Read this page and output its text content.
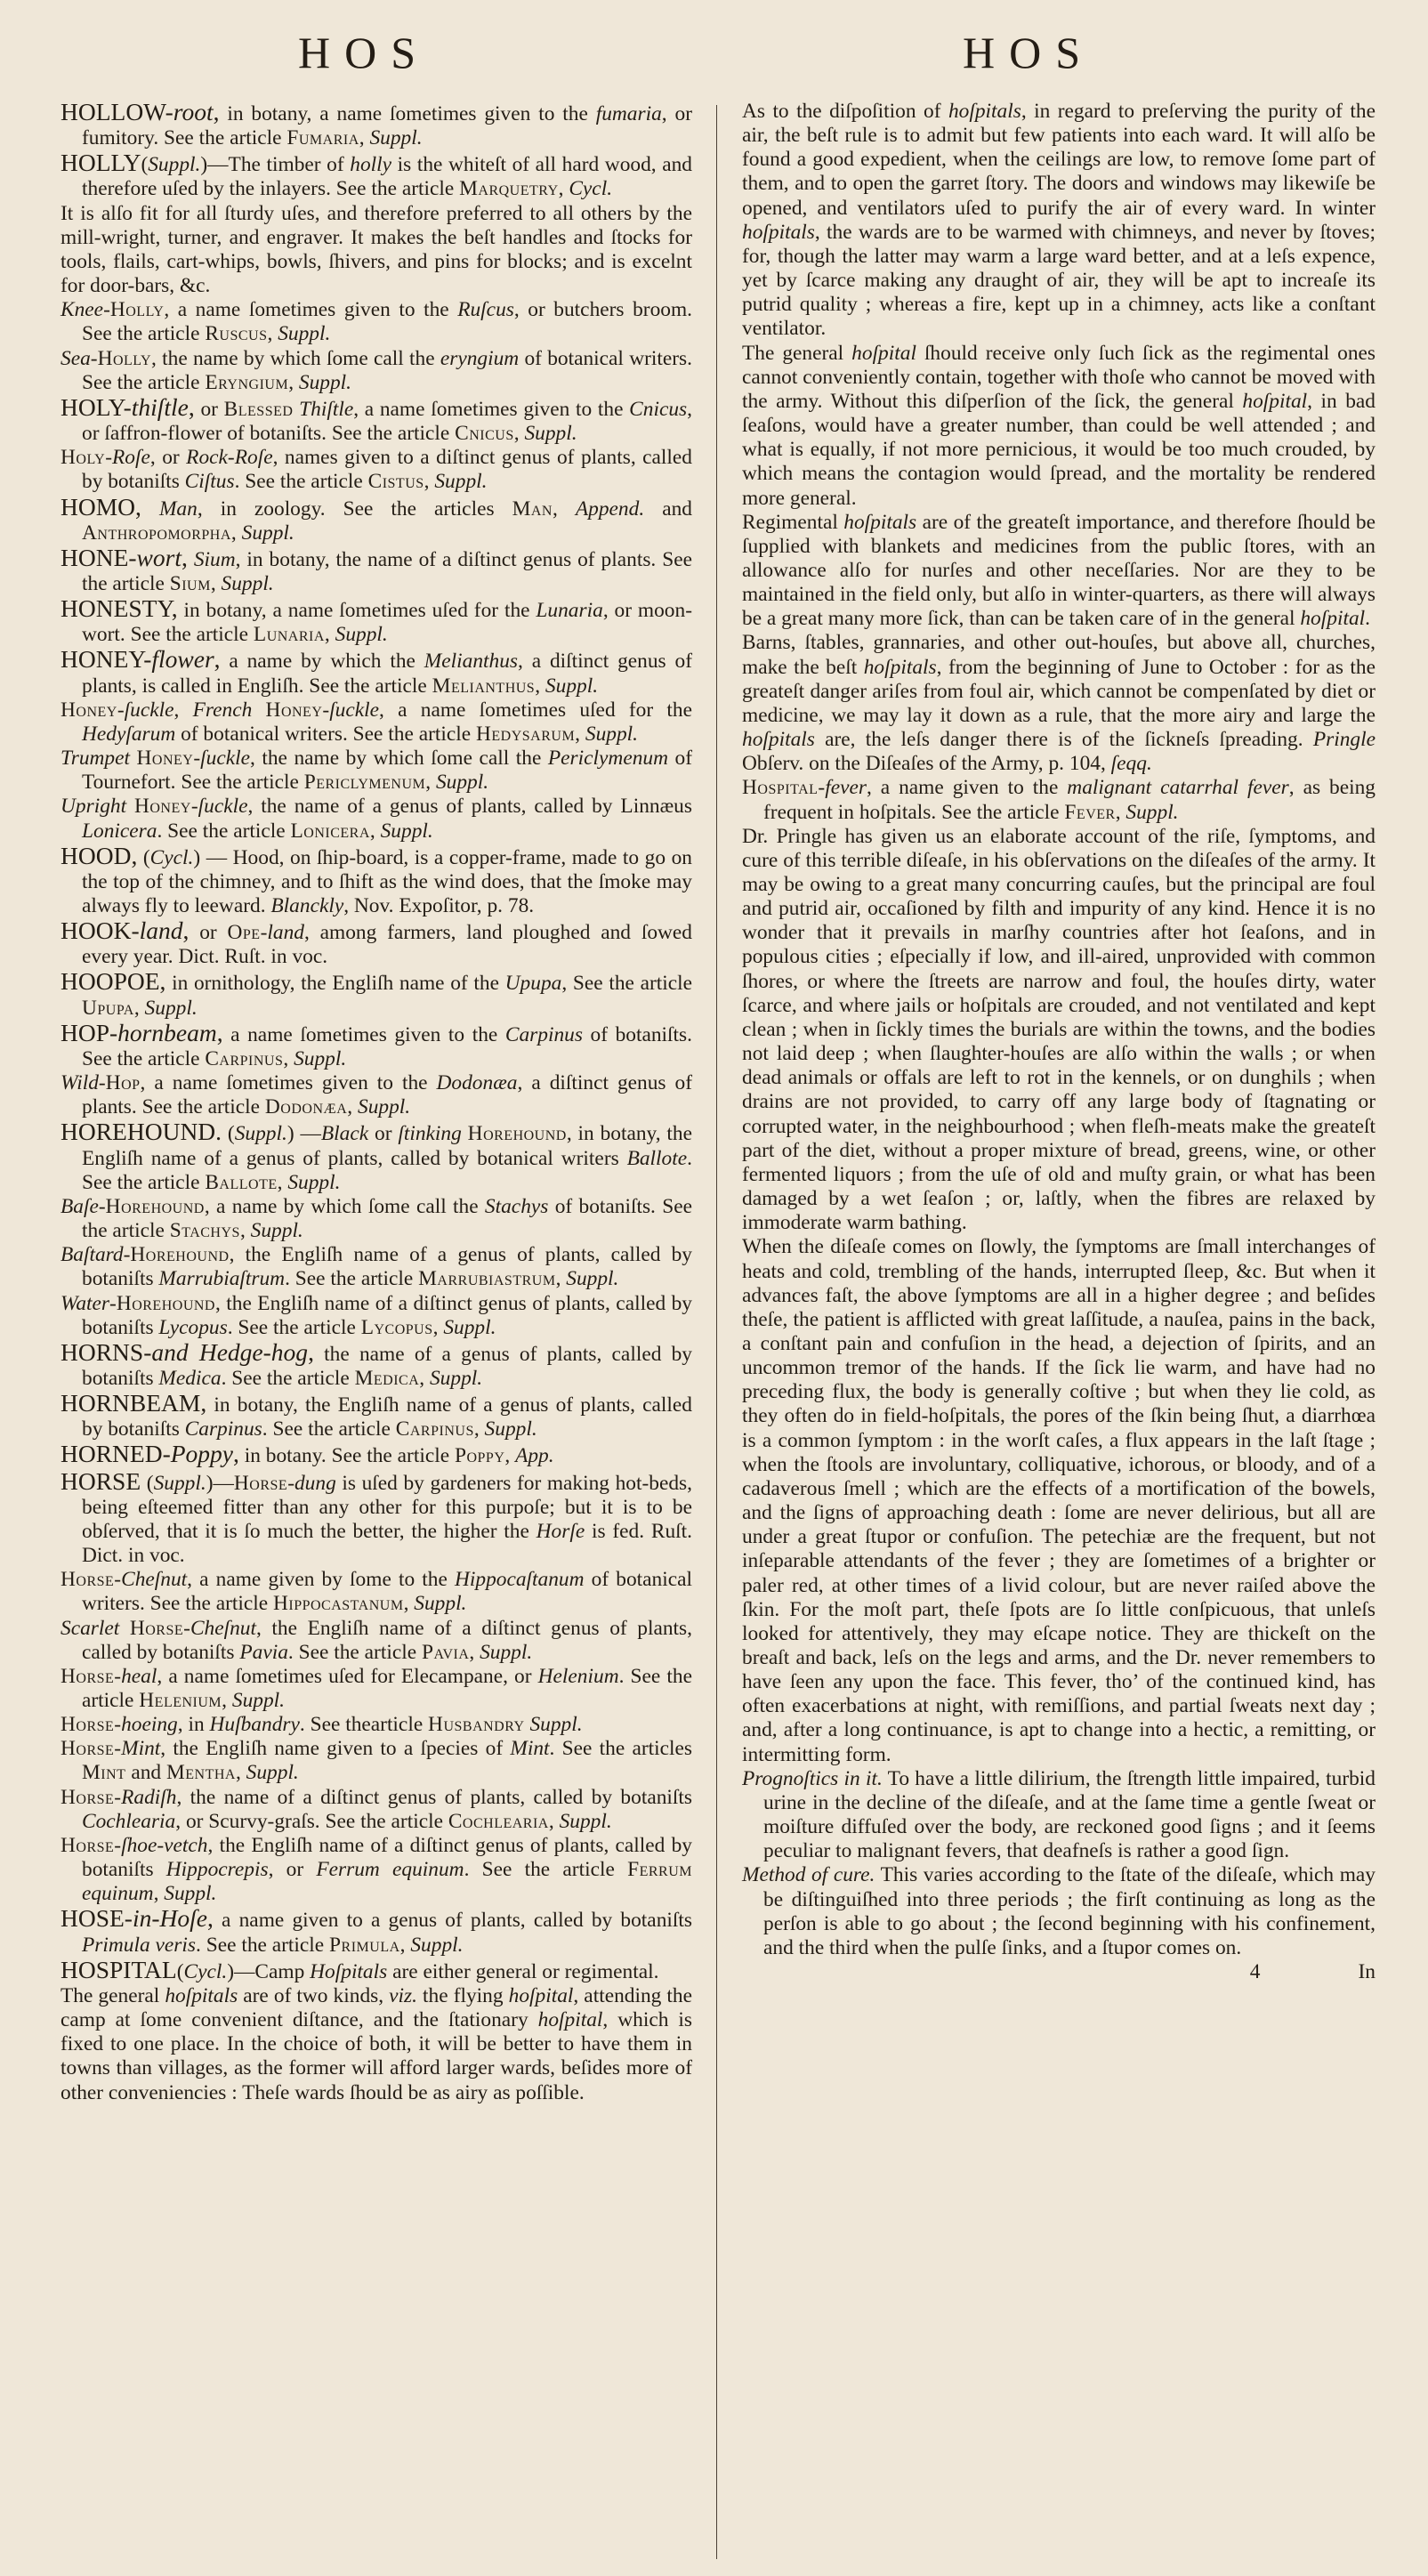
HOS	HOS

HOLLOW-root, in botany, a name ſometimes given to the fumaria, or fumitory. See the article Fumaria, Suppl.

HOLLY(Suppl.)—The timber of holly is the whiteſt of all hard wood, and therefore uſed by the inlayers. See the article Marquetry, Cycl.

It is alſo fit for all ſturdy uſes, and therefore preferred to all others by the mill-wright, turner, and engraver. It makes the beſt handles and ſtocks for tools, flails, cart-whips, bowls, ſhivers, and pins for blocks; and is excelnt for door-bars, &c.

Knee-Holly, a name ſometimes given to the Ruſcus, or butchers broom. See the article Ruscus, Suppl.

Sea-Holly, the name by which ſome call the eryngium of botanical writers. See the article Eryngium, Suppl.

HOLY-thiſtle, or Blessed Thiſtle, a name ſometimes given to the Cnicus, or ſaffron-flower of botaniſts. See the article Cnicus, Suppl.

Holy-Roſe, or Rock-Roſe, names given to a diſtinct genus of plants, called by botaniſts Ciſtus. See the article Cistus, Suppl.

HOMO, Man, in zoology. See the articles Man, Append. and Anthropomorpha, Suppl.

HONE-wort, Sium, in botany, the name of a diſtinct genus of plants. See the article Sium, Suppl.

HONESTY, in botany, a name ſometimes uſed for the Lunaria, or moon-wort. See the article Lunaria, Suppl.

HONEY-flower, a name by which the Melianthus, a diſtinct genus of plants, is called in Engliſh. See the article Melianthus, Suppl.

Honey-ſuckle, French Honey-ſuckle, a name ſometimes uſed for the Hedyſarum of botanical writers. See the article Hedysarum, Suppl.

Trumpet Honey-ſuckle, the name by which ſome call the Periclymenum of Tournefort. See the article Periclymenum, Suppl.

Upright Honey-ſuckle, the name of a genus of plants, called by Linnæus Lonicera. See the article Lonicera, Suppl.

HOOD, (Cycl.) — Hood, on ſhip-board, is a copper-frame, made to go on the top of the chimney, and to ſhift as the wind does, that the ſmoke may always fly to leeward. Blanckly, Nov. Expoſitor, p. 78.

HOOK-land, or Ope-land, among farmers, land ploughed and ſowed every year. Dict. Ruſt. in voc.

HOOPOE, in ornithology, the Engliſh name of the Upupa, See the article Upupa, Suppl.

HOP-hornbeam, a name ſometimes given to the Carpinus of botaniſts. See the article Carpinus, Suppl.

Wild-Hop, a name ſometimes given to the Dodonæa, a diſtinct genus of plants. See the article Dodonæa, Suppl.

HOREHOUND. (Suppl.) —Black or ſtinking Horehound, in botany, the Engliſh name of a genus of plants, called by botanical writers Ballote. See the article Ballote, Suppl.

Baſe-Horehound, a name by which ſome call the Stachys of botaniſts. See the article Stachys, Suppl.

Baſtard-Horehound, the Engliſh name of a genus of plants, called by botaniſts Marrubiaſtrum. See the article Marrubiastrum, Suppl.

Water-Horehound, the Engliſh name of a diſtinct genus of plants, called by botaniſts Lycopus. See the article Lycopus, Suppl.

HORNS-and Hedge-hog, the name of a genus of plants, called by botaniſts Medica. See the article Medica, Suppl.

HORNBEAM, in botany, the Engliſh name of a genus of plants, called by botaniſts Carpinus. See the article Carpinus, Suppl.

HORNED-Poppy, in botany. See the article Poppy, App.

HORSE (Suppl.)—Horse-dung is uſed by gardeners for making hot-beds, being eſteemed fitter than any other for this purpoſe; but it is to be obſerved, that it is ſo much the better, the higher the Horſe is fed. Ruſt. Dict. in voc.

Horse-Cheſnut, a name given by ſome to the Hippocaſtanum of botanical writers. See the article Hippocastanum, Suppl.

Scarlet Horse-Cheſnut, the Engliſh name of a diſtinct genus of plants, called by botaniſts Pavia. See the article Pavia, Suppl.

Horse-heal, a name ſometimes uſed for Elecampane, or Helenium. See the article Helenium, Suppl.

Horse-hoeing, in Huſbandry. See thearticle Husbandry Suppl.

Horse-Mint, the Engliſh name given to a ſpecies of Mint. See the articles Mint and Mentha, Suppl.

Horse-Radiſh, the name of a diſtinct genus of plants, called by botaniſts Cochlearia, or Scurvy-graſs. See the article Cochlearia, Suppl.

Horse-ſhoe-vetch, the Engliſh name of a diſtinct genus of plants, called by botaniſts Hippocrepis, or Ferrum equinum. See the article Ferrum equinum, Suppl.

HOSE-in-Hoſe, a name given to a genus of plants, called by botaniſts Primula veris. See the article Primula, Suppl.

HOSPITAL(Cycl.)—Camp Hoſpitals are either general or regimental.

The general hoſpitals are of two kinds, viz. the flying hoſpital, attending the camp at ſome convenient diſtance, and the ſtationary hoſpital, which is fixed to one place. In the choice of both, it will be better to have them in towns than villages, as the former will afford larger wards, beſides more of other conveniencies : Theſe wards ſhould be as airy as poſſible.

As to the diſpoſition of hoſpitals, in regard to preſerving the purity of the air, the beſt rule is to admit but few patients into each ward. It will alſo be found a good expedient, when the ceilings are low, to remove ſome part of them, and to open the garret ſtory. The doors and windows may likewiſe be opened, and ventilators uſed to purify the air of every ward. In winter hoſpitals, the wards are to be warmed with chimneys, and never by ſtoves; for, though the latter may warm a large ward better, and at a leſs expence, yet by ſcarce making any draught of air, they will be apt to increaſe its putrid quality ; whereas a fire, kept up in a chimney, acts like a conſtant ventilator.

The general hoſpital ſhould receive only ſuch ſick as the regimental ones cannot conveniently contain, together with thoſe who cannot be moved with the army. Without this diſperſion of the ſick, the general hoſpital, in bad ſeaſons, would have a greater number, than could be well attended ; and what is equally, if not more pernicious, it would be too much crouded, by which means the contagion would ſpread, and the mortality be rendered more general.

Regimental hoſpitals are of the greateſt importance, and therefore ſhould be ſupplied with blankets and medicines from the public ſtores, with an allowance alſo for nurſes and other neceſſaries. Nor are they to be maintained in the field only, but alſo in winter-quarters, as there will always be a great many more ſick, than can be taken care of in the general hoſpital.

Barns, ſtables, grannaries, and other out-houſes, but above all, churches, make the beſt hoſpitals, from the beginning of June to October : for as the greateſt danger ariſes from foul air, which cannot be compenſated by diet or medicine, we may lay it down as a rule, that the more airy and large the hoſpitals are, the leſs danger there is of the ſickneſs ſpreading. Pringle Obſerv. on the Diſeaſes of the Army, p. 104, ſeqq.

Hospital-fever, a name given to the malignant catarrhal fever, as being frequent in hoſpitals. See the article Fever, Suppl.

Dr. Pringle has given us an elaborate account of the riſe, ſymptoms, and cure of this terrible diſeaſe, in his obſervations on the diſeaſes of the army. It may be owing to a great many concurring cauſes, but the principal are foul and putrid air, occaſioned by filth and impurity of any kind. Hence it is no wonder that it prevails in marſhy countries after hot ſeaſons, and in populous cities ; eſpecially if low, and ill-aired, unprovided with common ſhores, or where the ſtreets are narrow and foul, the houſes dirty, water ſcarce, and where jails or hoſpitals are crouded, and not ventilated and kept clean ; when in ſickly times the burials are within the towns, and the bodies not laid deep ; when ſlaughter-houſes are alſo within the walls ; or when dead animals or offals are left to rot in the kennels, or on dunghils ; when drains are not provided, to carry off any large body of ſtagnating or corrupted water, in the neighbourhood ; when fleſh-meats make the greateſt part of the diet, without a proper mixture of bread, greens, wine, or other fermented liquors ; from the uſe of old and muſty grain, or what has been damaged by a wet ſeaſon ; or, laſtly, when the fibres are relaxed by immoderate warm bathing.

When the diſeaſe comes on ſlowly, the ſymptoms are ſmall interchanges of heats and cold, trembling of the hands, interrupted ſleep, &c. But when it advances faſt, the above ſymptoms are all in a higher degree ; and beſides theſe, the patient is afflicted with great laſſitude, a nauſea, pains in the back, a conſtant pain and confuſion in the head, a dejection of ſpirits, and an uncommon tremor of the hands. If the ſick lie warm, and have had no preceding flux, the body is generally coſtive ; but when they lie cold, as they often do in field-hoſpitals, the pores of the ſkin being ſhut, a diarrhœa is a common ſymptom : in the worſt caſes, a flux appears in the laſt ſtage ; when the ſtools are involuntary, colliquative, ichorous, or bloody, and of a cadaverous ſmell ; which are the effects of a mortification of the bowels, and the ſigns of approaching death : ſome are never delirious, but all are under a great ſtupor or confuſion. The petechiæ are the frequent, but not inſeparable attendants of the fever ; they are ſometimes of a brighter or paler red, at other times of a livid colour, but are never raiſed above the ſkin. For the moſt part, theſe ſpots are ſo little conſpicuous, that unleſs looked for attentively, they may eſcape notice. They are thickeſt on the breaſt and back, leſs on the legs and arms, and the Dr. never remembers to have ſeen any upon the face. This fever, tho’ of the continued kind, has often exacerbations at night, with remiſſions, and partial ſweats next day ; and, after a long continuance, is apt to change into a hectic, a remitting, or intermitting form.

Prognoſtics in it. To have a little dilirium, the ſtrength little impaired, turbid urine in the decline of the diſeaſe, and at the ſame time a gentle ſweat or moiſture diffuſed over the body, are reckoned good ſigns ; and it ſeems peculiar to malignant fevers, that deafneſs is rather a good ſign.

Method of cure. This varies according to the ſtate of the diſeaſe, which may be diſtinguiſhed into three periods ; the firſt continuing as long as the perſon is able to go about ; the ſecond beginning with his confinement, and the third when the pulſe ſinks, and a ſtupor comes on.

4	In
